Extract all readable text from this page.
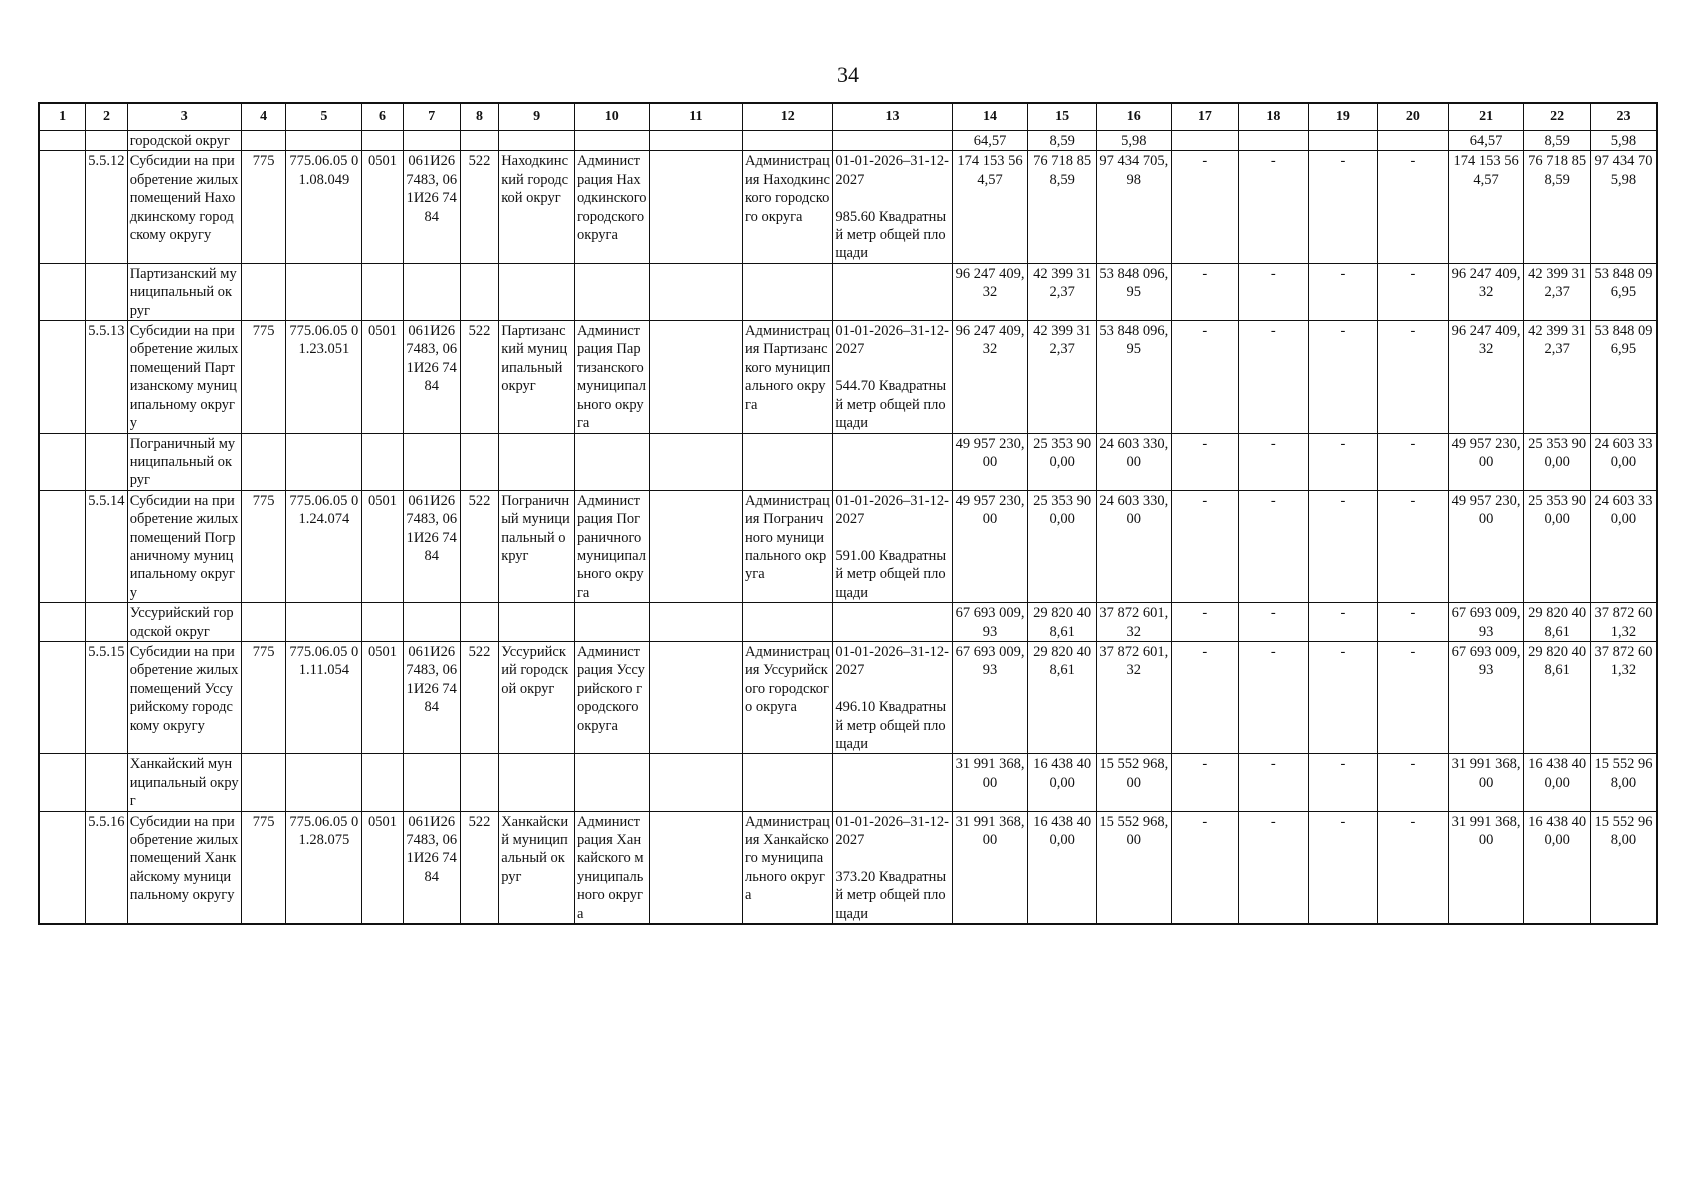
34
1	2	3	4	5	6	7	8	9	10	11	12	13	14	15	16	17	18	19	20	21	22	23
		городской округ											64,57	8,59	5,98					64,57	8,59	5,98
	5.5.12	Субсидии на приобретение жилых помещений Находкинскому городскому округу	775	775.06.05 01.08.049	0501	061И26 7483, 061И26 7484	522	Находкинский городской округ	Администрация Находкинского городского округа		Администрация Находкинского городского округа	01-01-2026–31-12-2027

985.60 Квадратный метр общей площади	174 153 564,57	76 718 858,59	97 434 705,98	-	-	-	-	174 153 564,57	76 718 858,59	97 434 705,98
		Партизанский муниципальный округ											96 247 409,32	42 399 312,37	53 848 096,95	-	-	-	-	96 247 409,32	42 399 312,37	53 848 096,95
	5.5.13	Субсидии на приобретение жилых помещений Партизанскому муниципальному округу	775	775.06.05 01.23.051	0501	061И26 7483, 061И26 7484	522	Партизанский муниципальный округ	Администрация Партизанского муниципального округа		Администрация Партизанского муниципального округа	01-01-2026–31-12-2027

544.70 Квадратный метр общей площади	96 247 409,32	42 399 312,37	53 848 096,95	-	-	-	-	96 247 409,32	42 399 312,37	53 848 096,95
		Пограничный муниципальный округ											49 957 230,00	25 353 900,00	24 603 330,00	-	-	-	-	49 957 230,00	25 353 900,00	24 603 330,00
	5.5.14	Субсидии на приобретение жилых помещений Пограничному муниципальному округу	775	775.06.05 01.24.074	0501	061И26 7483, 061И26 7484	522	Пограничный муниципальный округ	Администрация Пограничного муниципального округа		Администрация Пограничного муниципального округа	01-01-2026–31-12-2027

591.00 Квадратный метр общей площади	49 957 230,00	25 353 900,00	24 603 330,00	-	-	-	-	49 957 230,00	25 353 900,00	24 603 330,00
		Уссурийский городской округ											67 693 009,93	29 820 408,61	37 872 601,32	-	-	-	-	67 693 009,93	29 820 408,61	37 872 601,32
	5.5.15	Субсидии на приобретение жилых помещений Уссурийскому городскому округу	775	775.06.05 01.11.054	0501	061И26 7483, 061И26 7484	522	Уссурийский городской округ	Администрация Уссурийского городского округа		Администрация Уссурийского городского округа	01-01-2026–31-12-2027

496.10 Квадратный метр общей площади	67 693 009,93	29 820 408,61	37 872 601,32	-	-	-	-	67 693 009,93	29 820 408,61	37 872 601,32
		Ханкайский муниципальный округ											31 991 368,00	16 438 400,00	15 552 968,00	-	-	-	-	31 991 368,00	16 438 400,00	15 552 968,00
	5.5.16	Субсидии на приобретение жилых помещений Ханкайскому муниципальному округу	775	775.06.05 01.28.075	0501	061И26 7483, 061И26 7484	522	Ханкайский муниципальный округ	Администрация Ханкайского муниципального округа		Администрация Ханкайского муниципального округа	01-01-2026–31-12-2027

373.20 Квадратный метр общей площади	31 991 368,00	16 438 400,00	15 552 968,00	-	-	-	-	31 991 368,00	16 438 400,00	15 552 968,00
